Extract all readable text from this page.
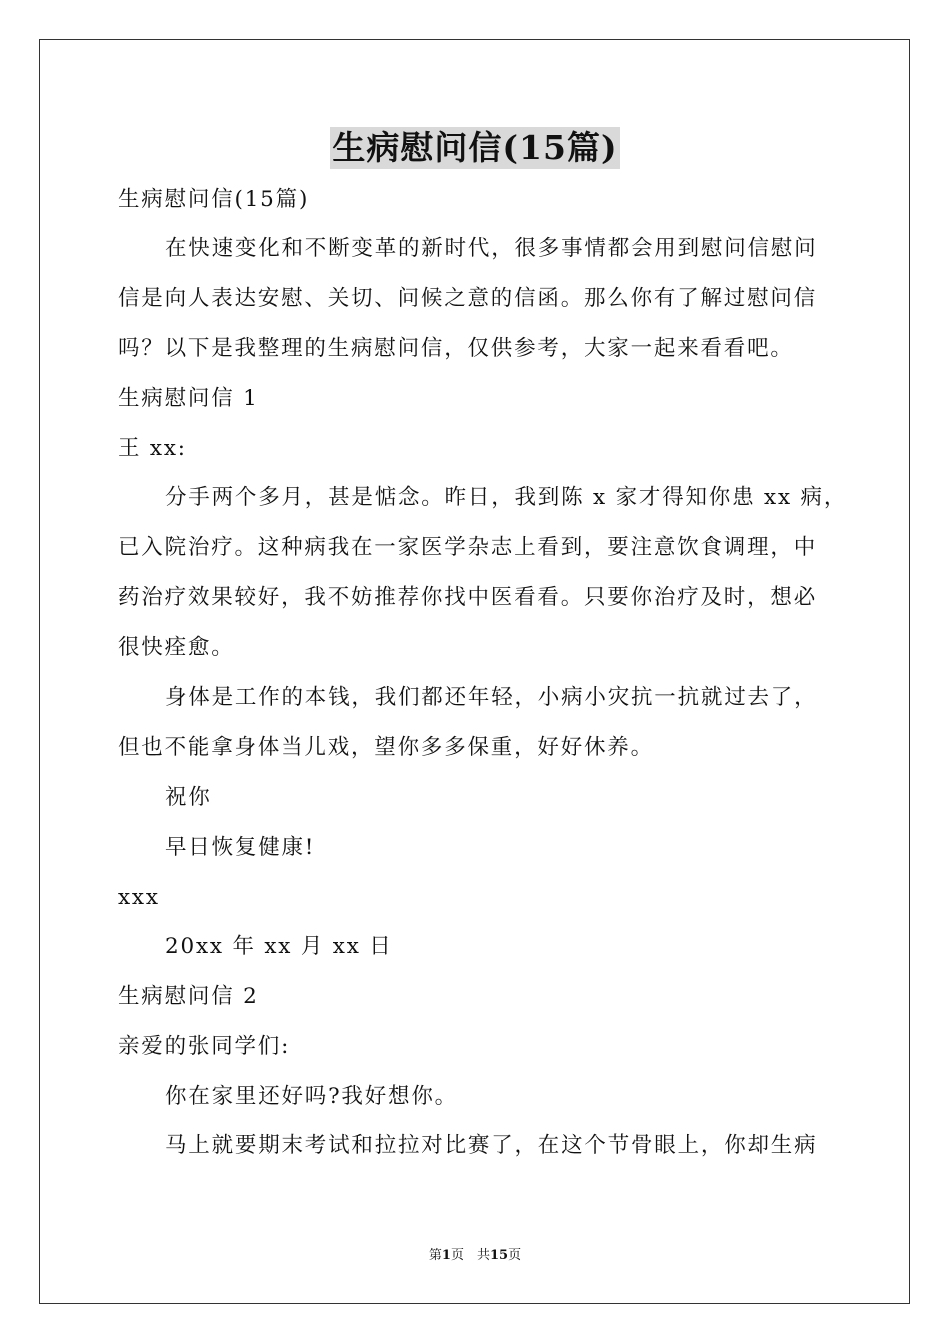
生病慰问信(15篇)
生病慰问信(15篇)
在快速变化和不断变革的新时代，很多事情都会用到慰问信慰问
信是向人表达安慰、关切、问候之意的信函。那么你有了解过慰问信
吗？以下是我整理的生病慰问信，仅供参考，大家一起来看看吧。
生病慰问信 1
王 xx:
分手两个多月，甚是惦念。昨日，我到陈 x 家才得知你患 xx 病，
已入院治疗。这种病我在一家医学杂志上看到，要注意饮食调理，中
药治疗效果较好，我不妨推荐你找中医看看。只要你治疗及时，想必
很快痊愈。
身体是工作的本钱，我们都还年轻，小病小灾抗一抗就过去了，
但也不能拿身体当儿戏，望你多多保重，好好休养。
祝你
早日恢复健康!
xxx
20xx 年 xx 月 xx 日
生病慰问信 2
亲爱的张同学们:
你在家里还好吗?我好想你。
马上就要期末考试和拉拉对比赛了，在这个节骨眼上，你却生病
第1页　共15页
